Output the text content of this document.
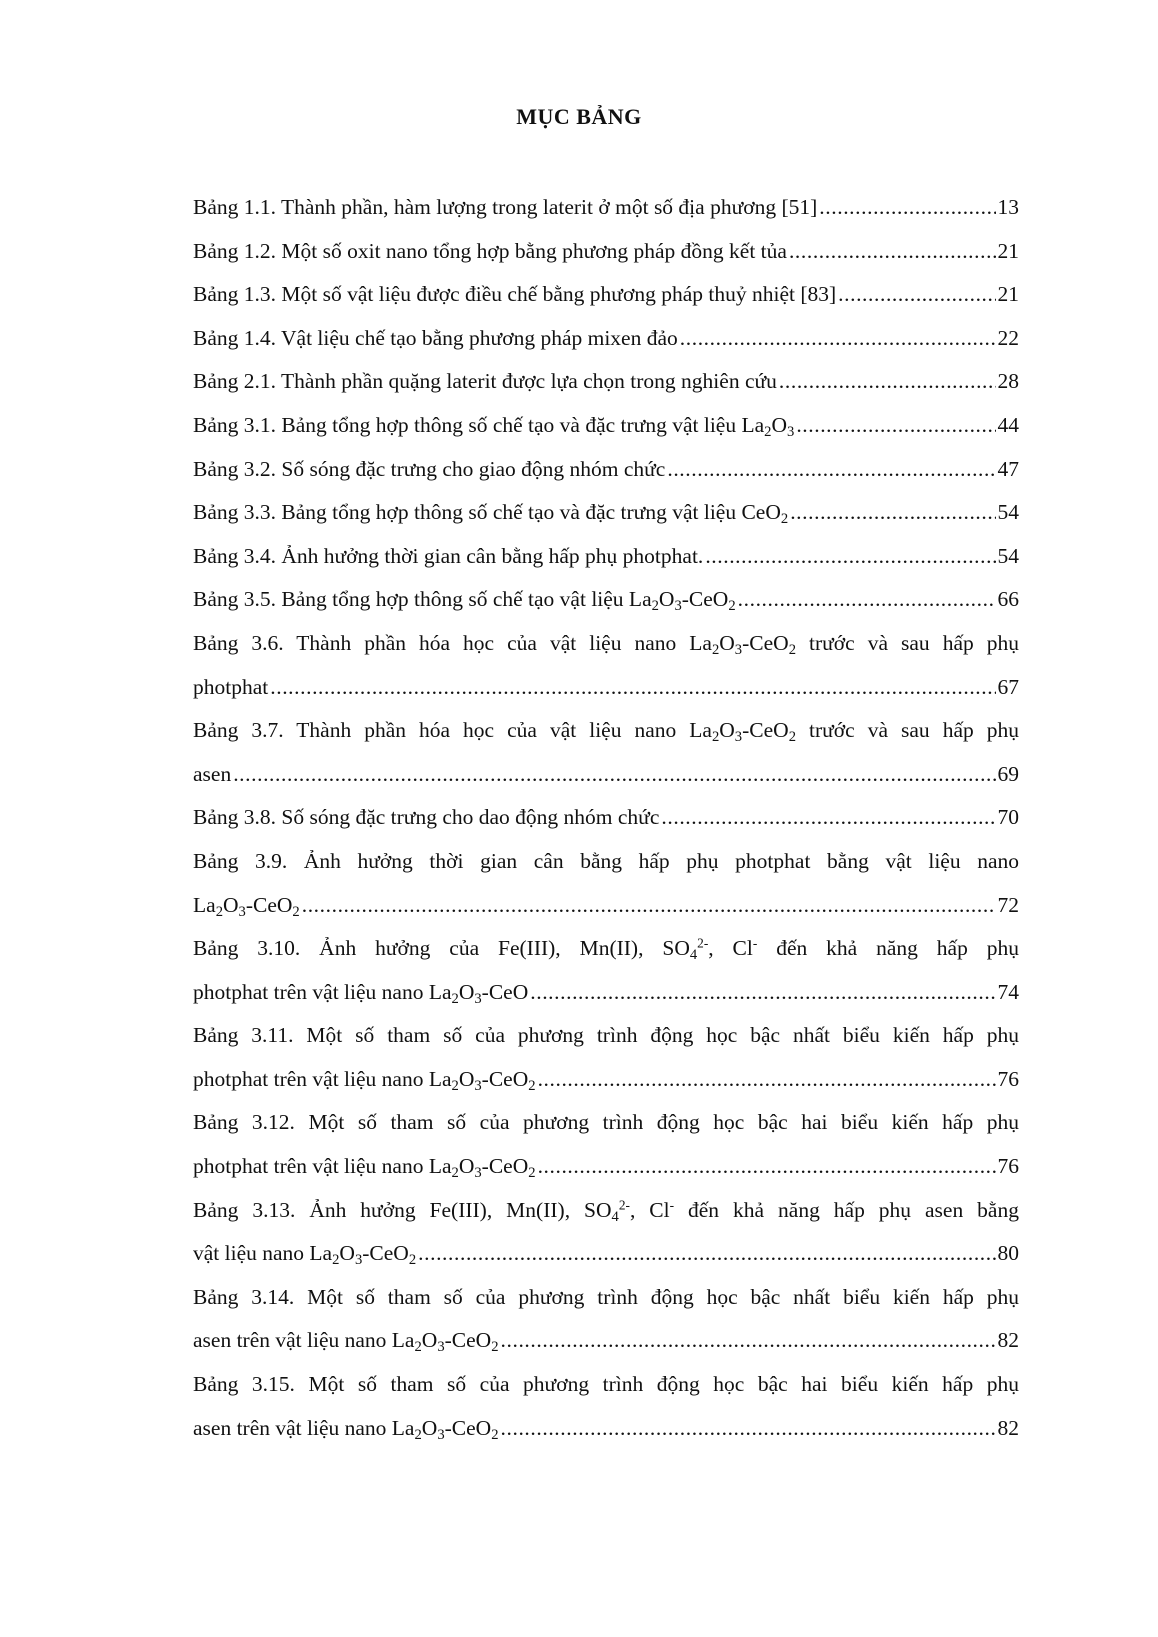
MỤC BẢNG
Bảng 1.1. Thành phần, hàm lượng trong laterit ở một số địa phương [51] .....	13
Bảng 1.2. Một số oxit nano tổng hợp bằng phương pháp đồng kết tủa .....	21
Bảng 1.3. Một số vật liệu được điều chế bằng phương pháp thuỷ nhiệt [83] .....	21
Bảng 1.4. Vật liệu chế tạo bằng phương pháp mixen đảo .....	22
Bảng 2.1. Thành phần quặng laterit được lựa chọn trong nghiên cứu .....	28
Bảng 3.1. Bảng tổng hợp thông số chế tạo và đặc trưng vật liệu $La_2O_3$ .....	44
Bảng 3.2. Số sóng đặc trưng cho giao động nhóm chức .....	47
Bảng 3.3. Bảng tổng hợp thông số chế tạo và đặc trưng vật liệu CeO$_2$ .....	54
Bảng 3.4. Ảnh hưởng thời gian cân bằng hấp phụ photphat. .....	54
Bảng 3.5. Bảng tổng hợp thông số chế tạo vật liệu $La_2O_3-CeO_2$ .....	66
Bảng 3.6. Thành phần hóa học của vật liệu nano $La_2O_3-CeO_2$ trước và sau hấp phụ
photphat .....	67
Bảng 3.7. Thành phần hóa học của vật liệu nano $La_2O_3-CeO_2$ trước và sau hấp phụ
asen .....	69
Bảng 3.8. Số sóng đặc trưng cho dao động nhóm chức .....	70
Bảng 3.9. Ảnh hưởng thời gian cân bằng hấp phụ photphat bằng vật liệu nano
$La_2O_3-CeO_2$ .....	72
Bảng 3.10. Ảnh hưởng của Fe(III), Mn(II), $SO_4^{2-}$, Cl- đến khả năng hấp phụ
photphat trên vật liệu nano $La_2O_3$-CeO .....	74
Bảng 3.11. Một số tham số của phương trình động học bậc nhất biểu kiến hấp phụ
photphat trên vật liệu nano $La_2O_3-CeO_2$ .....	76
Bảng 3.12. Một số tham số của phương trình động học bậc hai biểu kiến hấp phụ
photphat trên vật liệu nano $La_2O_3-CeO_2$ .....	76
Bảng 3.13. Ảnh hưởng Fe(III), Mn(II), $SO_4^{2-}$, Cl- đến khả năng hấp phụ asen bằng
vật liệu nano $La_2O_3-CeO_2$ .....	80
Bảng 3.14. Một số tham số của phương trình động học bậc nhất biểu kiến hấp phụ
asen trên vật liệu nano $La_2O_3-CeO_2$ .....	82
Bảng 3.15. Một số tham số của phương trình động học bậc hai biểu kiến hấp phụ
asen trên vật liệu nano $La_2O_3-CeO_2$ .....	82
